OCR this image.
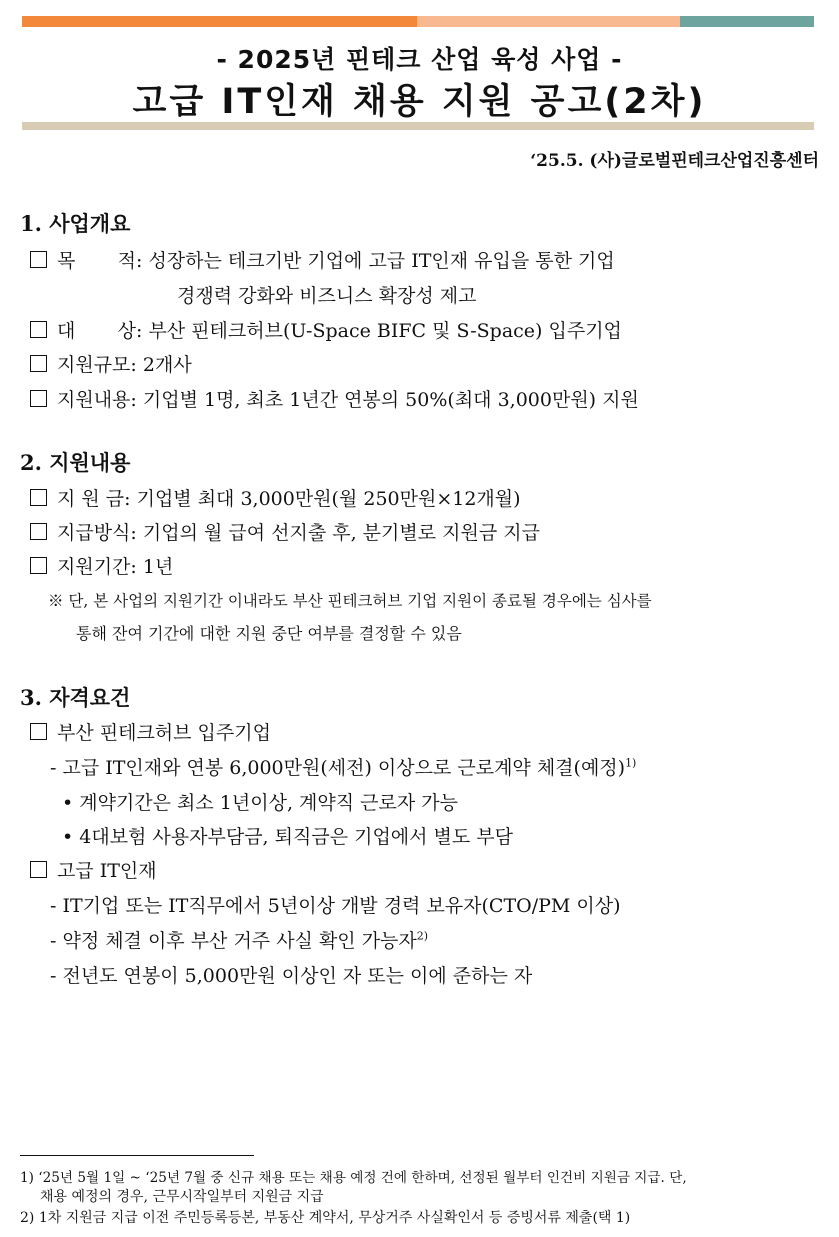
- 2025년 핀테크 산업 육성 사업 -
고급 IT인재 채용 지원 공고(2차)
‘25.5. (사)글로벌핀테크산업진흥센터
1. 사업개요
목       적: 성장하는 테크기반 기업에 고급 IT인재 유입을 통한 기업
경쟁력 강화와 비즈니스 확장성 제고
대       상: 부산 핀테크허브(U-Space BIFC 및 S-Space) 입주기업
지원규모: 2개사
지원내용: 기업별 1명, 최초 1년간 연봉의 50%(최대 3,000만원) 지원
2. 지원내용
지 원 금: 기업별 최대 3,000만원(월 250만원×12개월)
지급방식: 기업의 월 급여 선지출 후, 분기별로 지원금 지급
지원기간: 1년
※ 단, 본 사업의 지원기간 이내라도 부산 핀테크허브 기업 지원이 종료될 경우에는 심사를
통해 잔여 기간에 대한 지원 중단 여부를 결정할 수 있음
3. 자격요건
부산 핀테크허브 입주기업
- 고급 IT인재와 연봉 6,000만원(세전) 이상으로 근로계약 체결(예정)$^{1)}$
• 계약기간은 최소 1년이상, 계약직 근로자 가능
• 4대보험 사용자부담금, 퇴직금은 기업에서 별도 부담
고급 IT인재
- IT기업 또는 IT직무에서 5년이상 개발 경력 보유자(CTO/PM 이상)
- 약정 체결 이후 부산 거주 사실 확인 가능자$^{2)}$
- 전년도 연봉이 5,000만원 이상인 자 또는 이에 준하는 자
1) ‘25년 5월 1일 ~ ‘25년 7월 중 신규 채용 또는 채용 예정 건에 한하며, 선정된 월부터 인건비 지원금 지급. 단,
채용 예정의 경우, 근무시작일부터 지원금 지급
2) 1차 지원금 지급 이전 주민등록등본, 부동산 계약서, 무상거주 사실확인서 등 증빙서류 제출(택 1)
